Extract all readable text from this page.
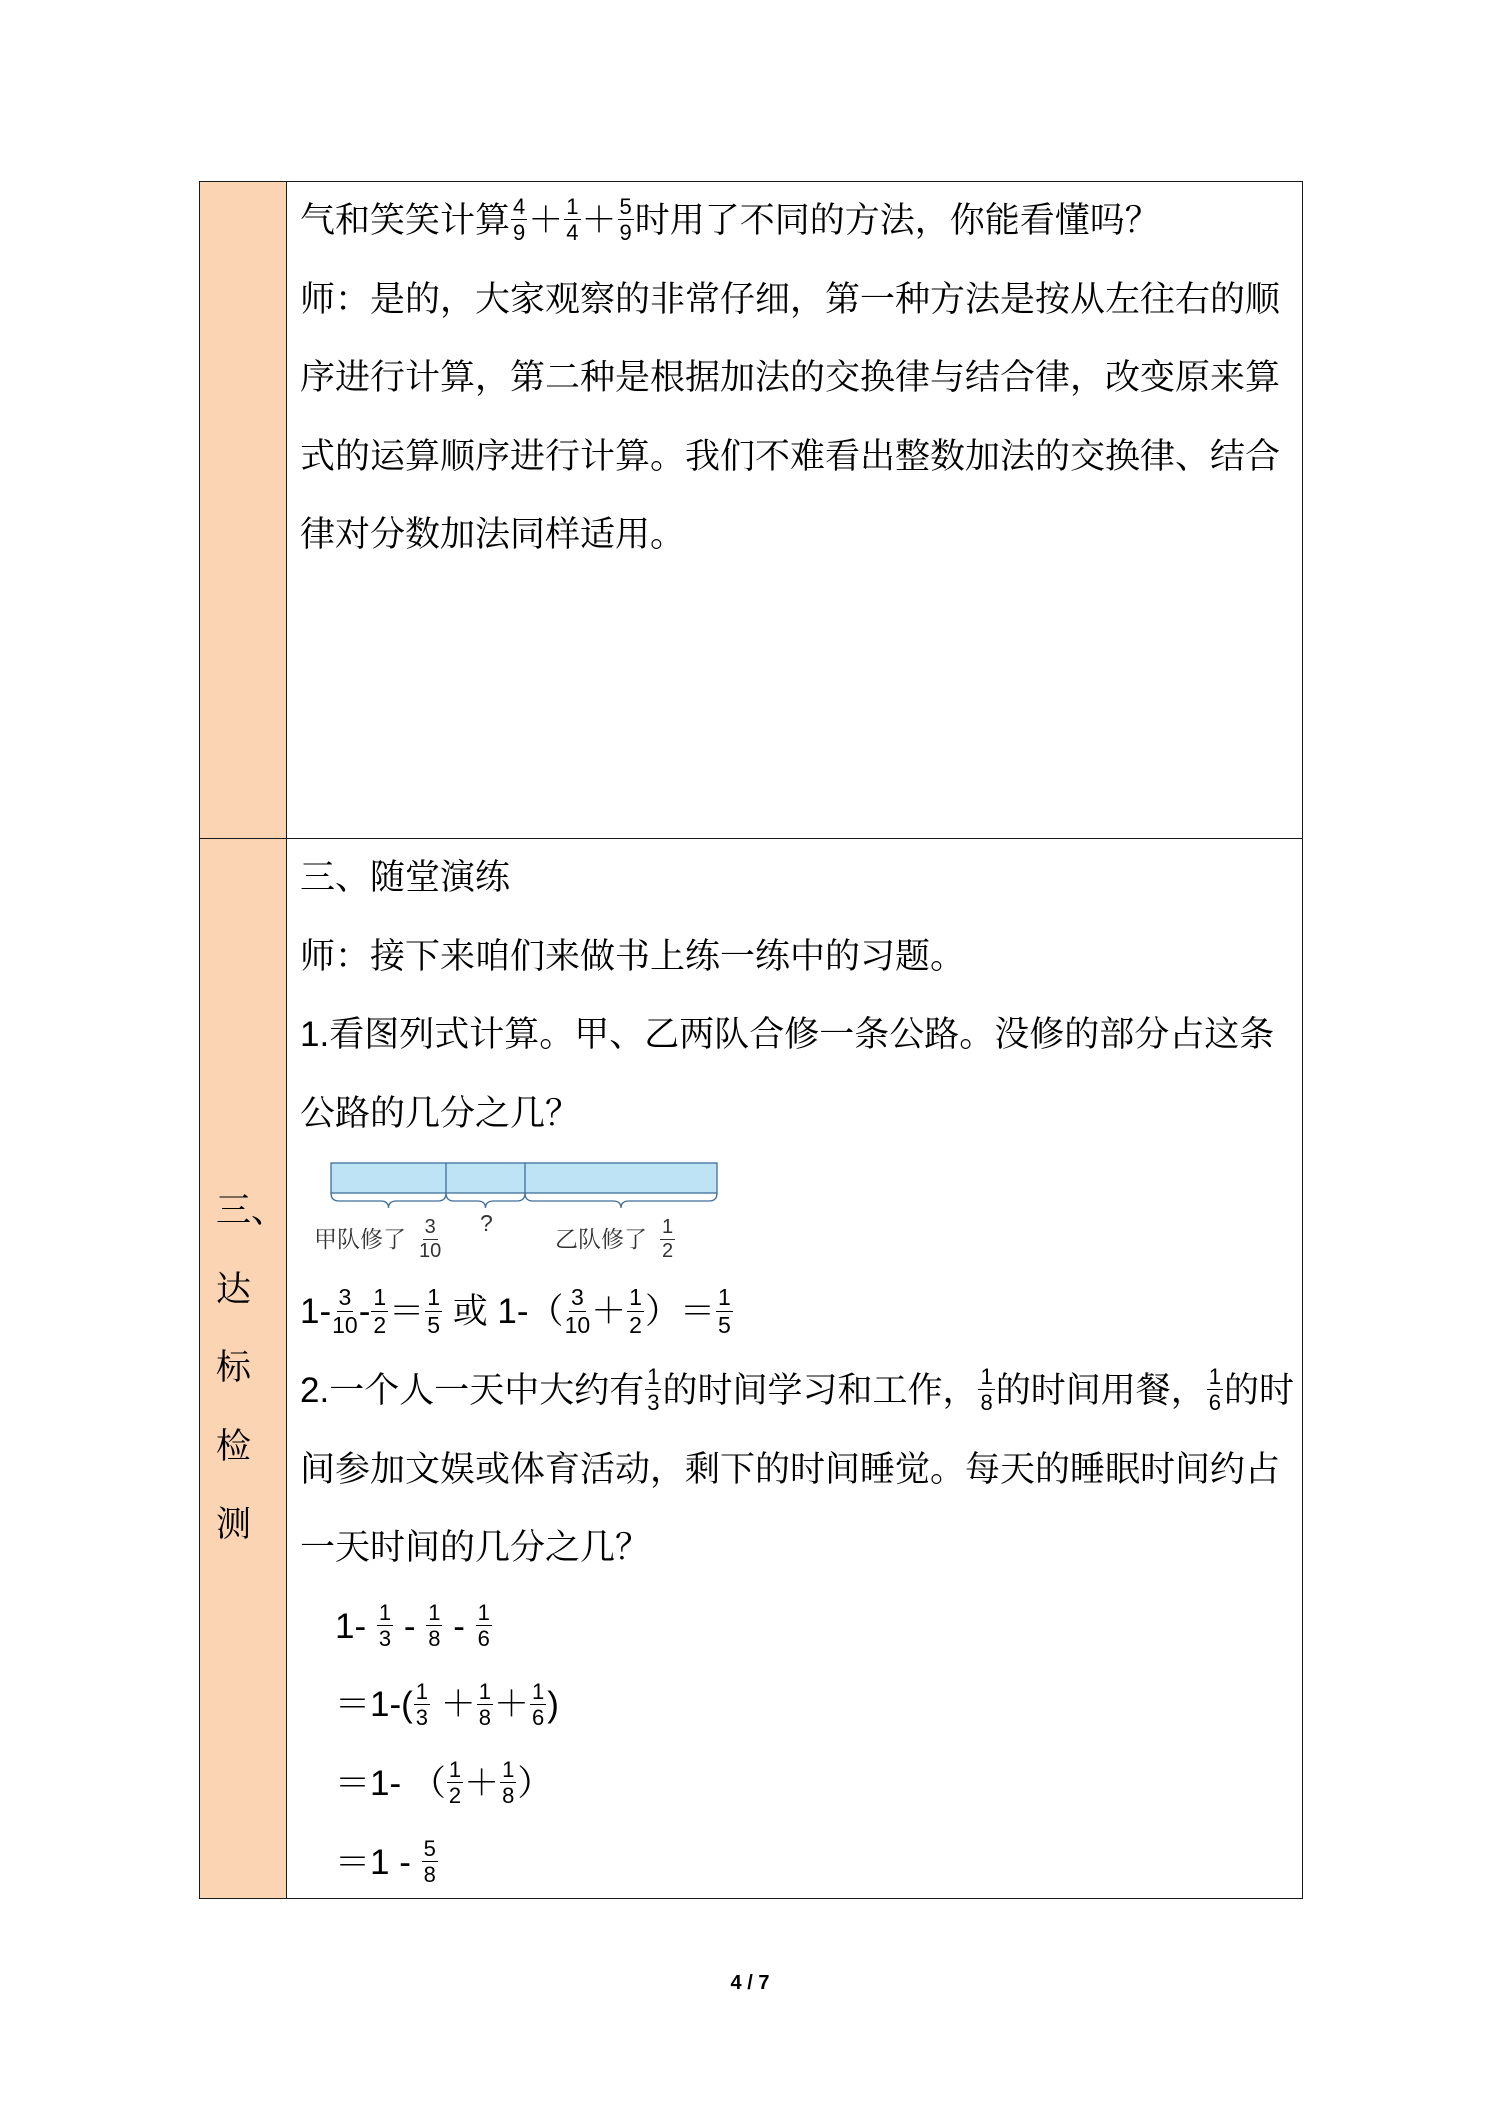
气和笑笑计算 $\frac{4}{9} + \frac{1}{4} + \frac{5}{9}$ 时用了不同的方法，你能看懂吗？
师：是的，大家观察的非常仔细，第一种方法是按从左往右的顺
序进行计算，第二种是根据加法的交换律与结合律，改变原来算
式的运算顺序进行计算。我们不难看出整数加法的交换律、结合
律对分数加法同样适用。
三、
达
标
检
测
三、随堂演练
师：接下来咱们来做书上练一练中的习题。
1.看图列式计算。甲、乙两队合修一条公路。没修的部分占这条
公路的几分之几？
甲队修了 $\frac{3}{10}$ ?
乙队修了 $\frac{1}{2}$
$1- \frac{3}{10} - \frac{1}{2} = \frac{1}{5}$ 或 $1-( \frac{3}{10} + \frac{1}{2}$ ）＝ $\frac{1}{5}$
2.一个人一天中大约有 $\frac{1}{3}$ 的时间学习和工作， $\frac{1}{8}$ 的时间用餐， $\frac{1}{6}$ 的时
间参加文娱或体育活动，剩下的时间睡觉。每天的睡眠时间约占
一天时间的几分之几？
$1- \frac{1}{3} - \frac{1}{8} - \frac{1}{6}$
$=1-( \frac{1}{3} + \frac{1}{8} + \frac{1}{6}$ )
＝1- （ $\frac{1}{2} + \frac{1}{8}$ ）
$=1 - \frac{5}{8}$
4 / 7
